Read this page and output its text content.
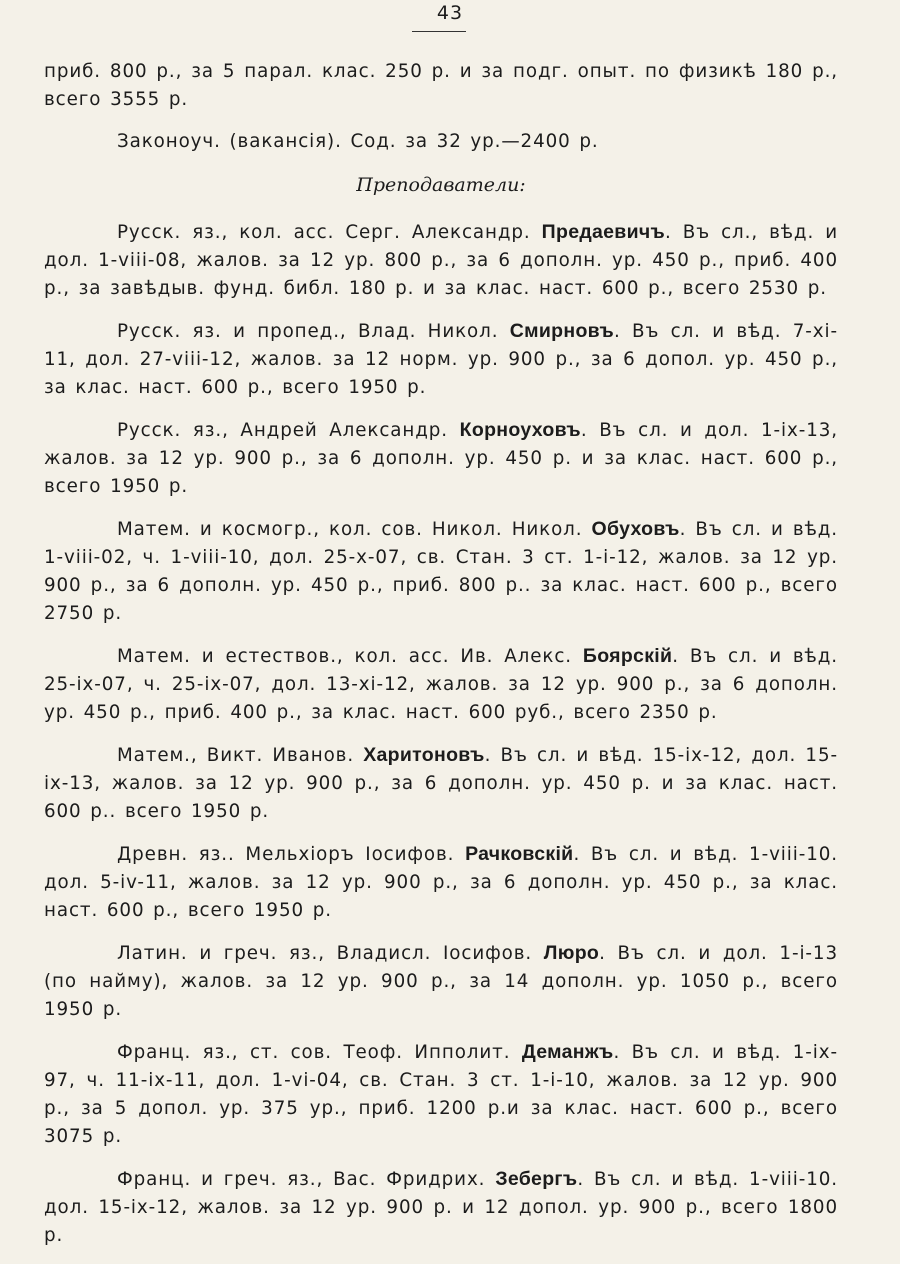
43

приб. 800 р., за 5 парал. клас. 250 р. и за подг. опыт. по физикѣ 180 р., всего 3555 р.

Законоуч. (вакансія). Сод. за 32 ур.—2400 р.

Преподаватели:

Русск. яз., кол. асс. Серг. Александр. Предаевичъ. Въ сл., вѣд. и дол. 1-viii-08, жалов. за 12 ур. 800 р., за 6 дополн. ур. 450 р., приб. 400 р., за завѣдыв. фунд. библ. 180 р. и за клас. наст. 600 р., всего 2530 р.

Русск. яз. и пропед., Влад. Никол. Смирновъ. Въ сл. и вѣд. 7-xi-11, дол. 27-viii-12, жалов. за 12 норм. ур. 900 р., за 6 допол. ур. 450 р., за клас. наст. 600 р., всего 1950 р.

Русск. яз., Андрей Александр. Корноуховъ. Въ сл. и дол. 1-ix-13, жалов. за 12 ур. 900 р., за 6 дополн. ур. 450 р. и за клас. наст. 600 р., всего 1950 р.

Матем. и космогр., кол. сов. Никол. Никол. Обуховъ. Въ сл. и вѣд. 1-viii-02, ч. 1-viii-10, дол. 25-x-07, св. Стан. 3 ст. 1-i-12, жалов. за 12 ур. 900 р., за 6 дополн. ур. 450 р., приб. 800 р.. за клас. наст. 600 р., всего 2750 р.

Матем. и естествов., кол. асс. Ив. Алекс. Боярскій. Въ сл. и вѣд. 25-ix-07, ч. 25-ix-07, дол. 13-xi-12, жалов. за 12 ур. 900 р., за 6 дополн. ур. 450 р., приб. 400 р., за клас. наст. 600 руб., всего 2350 р.

Матем., Викт. Иванов. Харитоновъ. Въ сл. и вѣд. 15-ix-12, дол. 15-ix-13, жалов. за 12 ур. 900 р., за 6 дополн. ур. 450 р. и за клас. наст. 600 р.. всего 1950 р.

Древн. яз.. Мельхіоръ Іосифов. Рачковскій. Въ сл. и вѣд. 1-viii-10. дол. 5-iv-11, жалов. за 12 ур. 900 р., за 6 дополн. ур. 450 р., за клас. наст. 600 р., всего 1950 р.

Латин. и греч. яз., Владисл. Іосифов. Люро. Въ сл. и дол. 1-i-13 (по найму), жалов. за 12 ур. 900 р., за 14 дополн. ур. 1050 р., всего 1950 р.

Франц. яз., ст. сов. Теоф. Ипполит. Деманжъ. Въ сл. и вѣд. 1-ix-97, ч. 11-ix-11, дол. 1-vi-04, св. Стан. 3 ст. 1-i-10, жалов. за 12 ур. 900 р., за 5 допол. ур. 375 ур., приб. 1200 р.и за клас. наст. 600 р., всего 3075 р.

Франц. и греч. яз., Вас. Фридрих. Зебергъ. Въ сл. и вѣд. 1-viii-10. дол. 15-ix-12, жалов. за 12 ур. 900 р. и 12 допол. ур. 900 р., всего 1800 р.
